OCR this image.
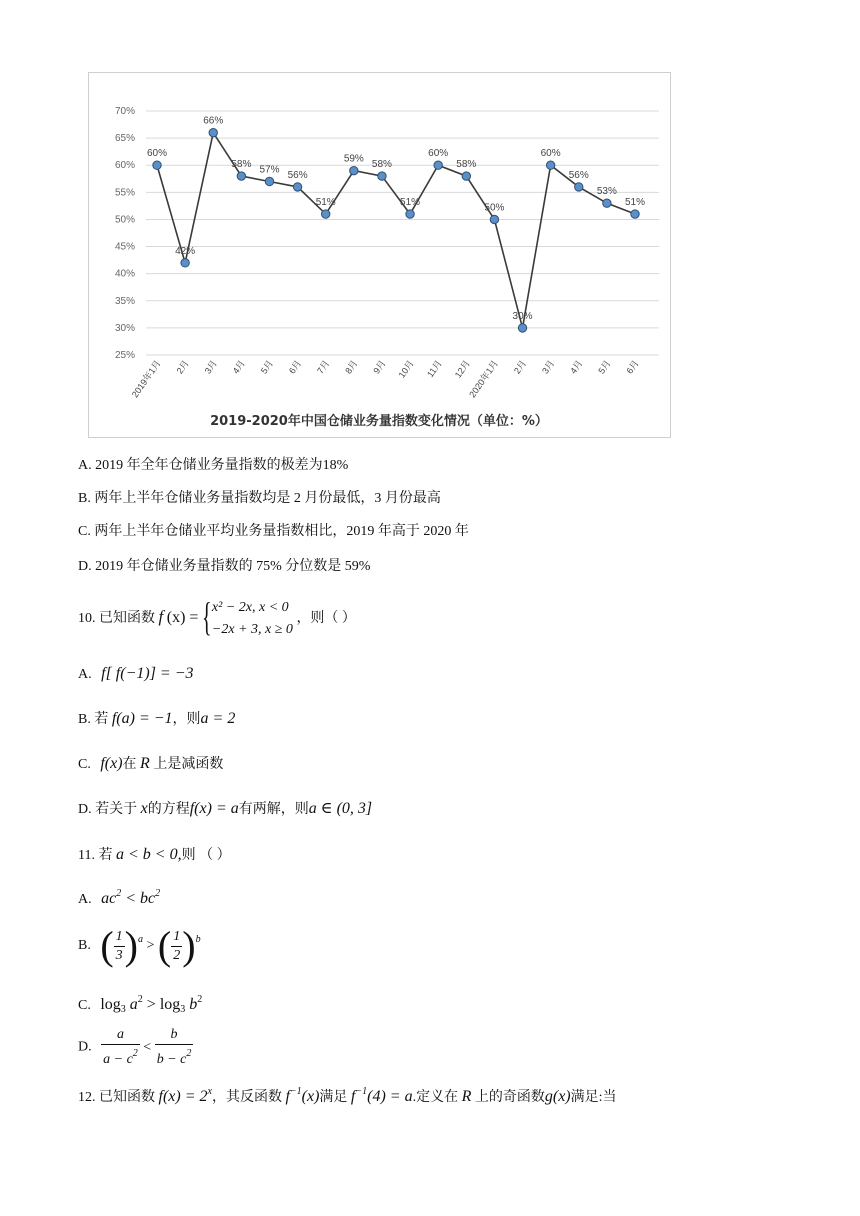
25%
30%
35%
40%
45%
50%
55%
60%
65%
70%
2019年1月 2月 3月 4月 5月 6月 7月 8月 9月 10月 11月 12月
2020年1月 2月 3月 4月 5月 6月
60%
42%
66%
58% 57% 56%
51%
59% 58%
51%
60%
58%
50%
30%
60%
56%
53%
51%
2019-2020年中国仓储业务量指数变化情况（单位：%）
A. 2019 年全年仓储业务量指数的极差为18%
B. 两年上半年仓储业务量指数均是 2 月份最低，3 月份最高
C. 两年上半年仓储业平均业务量指数相比，2019 年高于 2020 年
D. 2019 年仓储业务量指数的 75% 分位数是 59%
10. 已知函数 f (x) = { x² − 2x, x < 0
−2x + 3, x ≥ 0
，则（ ）
A. f[ f(−1)] = −3
B. 若 f(a) = −1，则a = 2
C. f(x)在 R 上是减函数
D. 若关于 x的方程f(x) = a有两解，则a ∈ (0, 3]
11. 若 a < b < 0,则 （ ）
A. $ac^2 < bc^2$
B. ( $\frac{1}{3} )^a$ > ( $\frac{1}{2} )^b$
C. $\log_3 a^2 > \log_3 b^2$
D. $\frac{a}{a - c^2} < \frac{b}{b - c^2}$
12. 已知函数 $f(x) = 2^x$，其反函数 $f^{-1}(x)$满足 $f^{-1}(4) = a$.定义在 R 上的奇函数g(x)满足:当
